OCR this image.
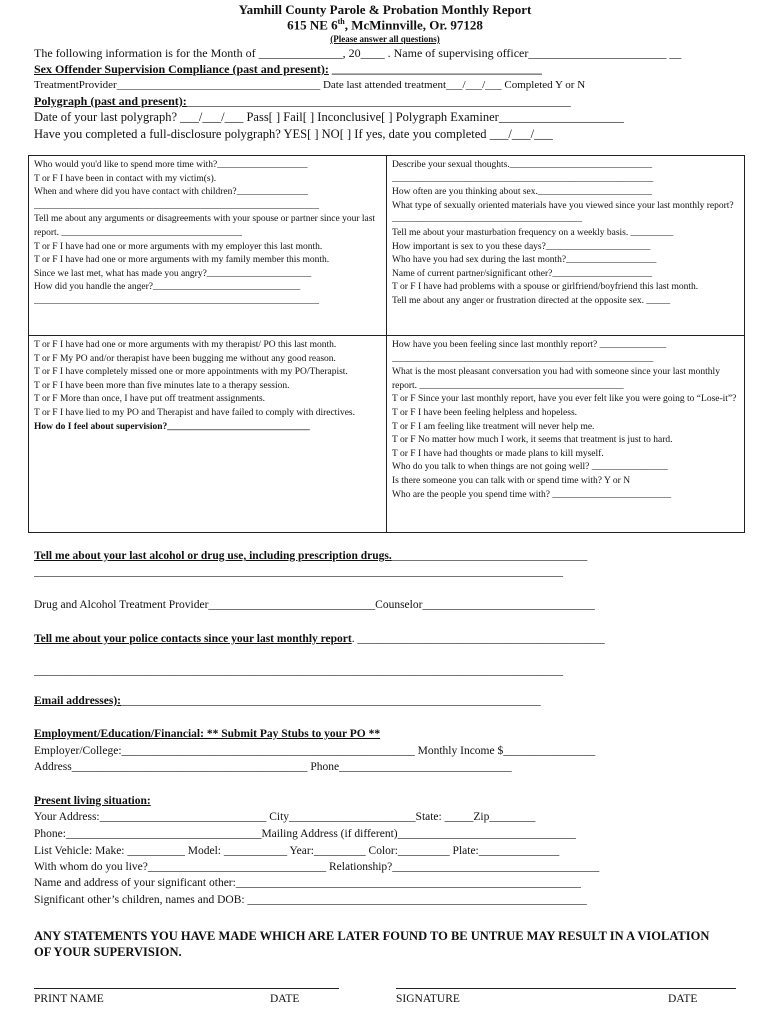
Yamhill County Parole & Probation Monthly Report
615 NE 6th, McMinnville, Or. 97128
(Please answer all questions)
The following information is for the Month of ______________, 20____ . Name of supervising officer_______________________ __
Sex Offender Supervision Compliance (past and present): ___________________________________
TreatmentProvider_____________________________________ Date last attended treatment___/___/___ Completed Y or N
Polygraph (past and present):________________________________________________________________
Date of your last polygraph? ___/___/___ Pass[ ] Fail[ ] Inconclusive[ ] Polygraph Examiner____________________
Have you completed a full-disclosure polygraph? YES[ ] NO[ ] If yes, date you completed ___/___/___

Who would you'd like to spend more time with?___________________

T or F I have been in contact with my victim(s).

When and where did you have contact with children?_______________

____________________________________________________________

Tell me about any arguments or disagreements with your spouse or partner since your last report. ______________________________________

T or F I have had one or more arguments with my employer this last month.

T or F I have had one or more arguments with my family member this month.

Since we last met, what has made you angry?______________________

How did you handle the anger?_______________________________

____________________________________________________________

Describe your sexual thoughts.______________________________

_______________________________________________________

How often are you thinking about sex.________________________

What type of sexually oriented materials have you viewed since your last monthly report?________________________________________

Tell me about your masturbation frequency on a weekly basis. _________

How important is sex to you these days?______________________

Who have you had sex during the last month?___________________

Name of current partner/significant other?_____________________

T or F I have had problems with a spouse or girlfriend/boyfriend this last month.

Tell me about any anger or frustration directed at the opposite sex. _____

T or F I have had one or more arguments with my therapist/ PO this last month.

T or F My PO and/or therapist have been bugging me without any good reason.

T or F I have completely missed one or more appointments with my PO/Therapist.

T or F I have been more than five minutes late to a therapy session.

T or F More than once, I have put off treatment assignments.

T or F I have lied to my PO and Therapist and have failed to comply with directives.

How do I feel about supervision?______________________________

How have you been feeling since last monthly report? ______________

_______________________________________________________

What is the most pleasant conversation you had with someone since your last monthly report. ___________________________________________

T or F Since your last monthly report, have you ever felt like you were going to “Lose-it”?

T or F I have been feeling helpless and hopeless.

T or F I am feeling like treatment will never help me.

T or F No matter how much I work, it seems that treatment is just to hard.

T or F I have had thoughts or made plans to kill myself.

Who do you talk to when things are not going well? ________________

Is there someone you can talk with or spend time with? Y or N

Who are the people you spend time with? _________________________

Tell me about your last alcohol or drug use, including prescription drugs.__________________________________
____________________________________________________________________________________________
Drug and Alcohol Treatment Provider_____________________________Counselor______________________________
Tell me about your police contacts since your last monthly report. ___________________________________________
____________________________________________________________________________________________
Email addresses):_________________________________________________________________________
Employment/Education/Financial: ** Submit Pay Stubs to your PO **
Employer/College:___________________________________________________ Monthly Income $________________
Address_________________________________________ Phone______________________________
Present living situation:
Your Address:_____________________________ City______________________State: _____Zip________
Phone:__________________________________Mailing Address (if different)_______________________________
List Vehicle: Make: __________ Model: ___________ Year:_________ Color:_________ Plate:______________
With whom do you live?_______________________________ Relationship?____________________________________
Name and address of your significant other:____________________________________________________________
Significant other’s children, names and DOB: ___________________________________________________________
ANY STATEMENTS YOU HAVE MADE WHICH ARE LATER FOUND TO BE UNTRUE MAY RESULT IN A VIOLATION OF YOUR SUPERVISION.
PRINT NAME	DATE	SIGNATURE	DATE
